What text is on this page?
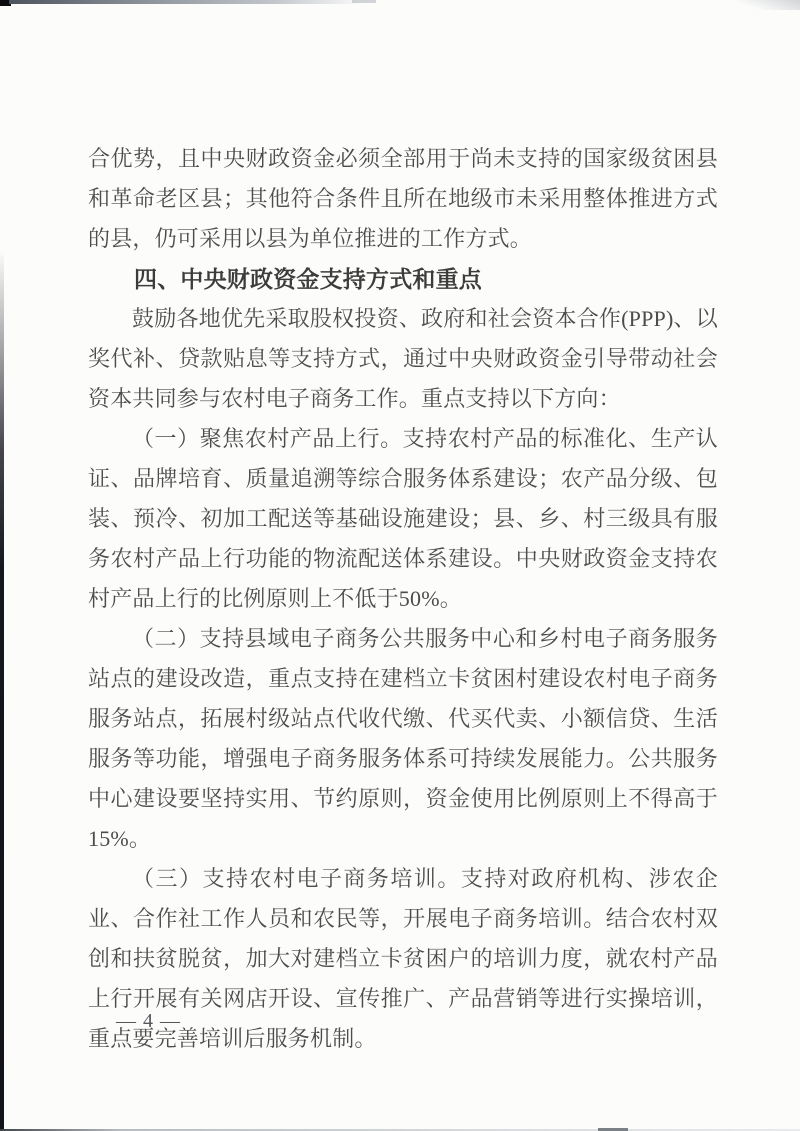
合优势，且中央财政资金必须全部用于尚未支持的国家级贫困县和革命老区县；其他符合条件且所在地级市未采用整体推进方式的县，仍可采用以县为单位推进的工作方式。

四、中央财政资金支持方式和重点

鼓励各地优先采取股权投资、政府和社会资本合作(PPP)、以奖代补、贷款贴息等支持方式，通过中央财政资金引导带动社会资本共同参与农村电子商务工作。重点支持以下方向：

（一）聚焦农村产品上行。支持农村产品的标准化、生产认证、品牌培育、质量追溯等综合服务体系建设；农产品分级、包装、预冷、初加工配送等基础设施建设；县、乡、村三级具有服务农村产品上行功能的物流配送体系建设。中央财政资金支持农村产品上行的比例原则上不低于50%。

（二）支持县域电子商务公共服务中心和乡村电子商务服务站点的建设改造，重点支持在建档立卡贫困村建设农村电子商务服务站点，拓展村级站点代收代缴、代买代卖、小额信贷、生活服务等功能，增强电子商务服务体系可持续发展能力。公共服务中心建设要坚持实用、节约原则，资金使用比例原则上不得高于15%。

（三）支持农村电子商务培训。支持对政府机构、涉农企业、合作社工作人员和农民等，开展电子商务培训。结合农村双创和扶贫脱贫，加大对建档立卡贫困户的培训力度，就农村产品上行开展有关网店开设、宣传推广、产品营销等进行实操培训，重点要完善培训后服务机制。

— 4 —
